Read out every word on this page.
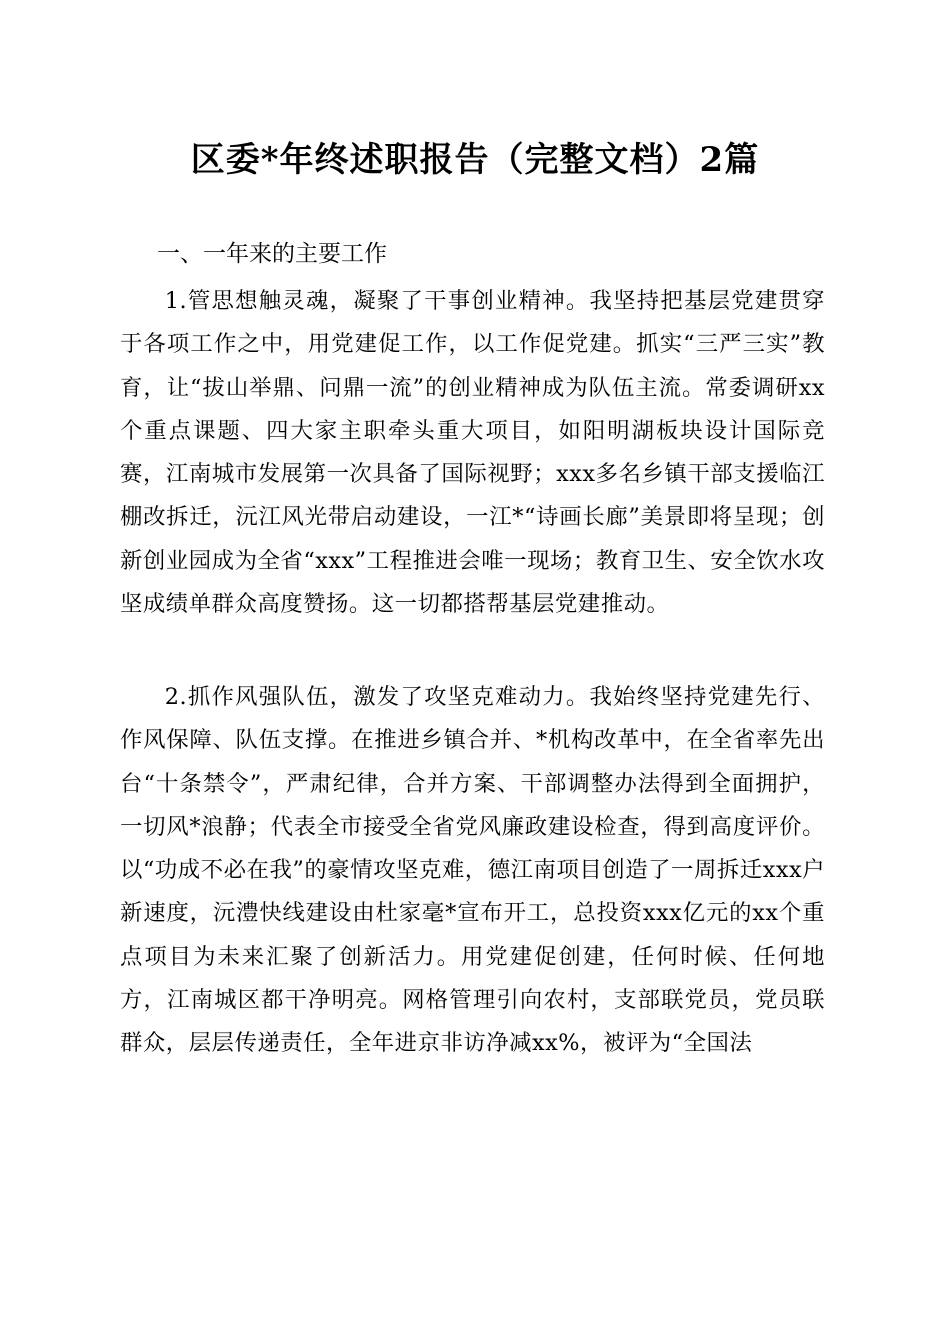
区委*年终述职报告（完整文档）2篇
一、一年来的主要工作

1.管思想触灵魂，凝聚了干事创业精神。我坚持把基层党建贯穿于各项工作之中，用党建促工作，以工作促党建。抓实“三严三实”教育，让“拔山举鼎、问鼎一流”的创业精神成为队伍主流。常委调研xx个重点课题、四大家主职牵头重大项目，如阳明湖板块设计国际竞赛，江南城市发展第一次具备了国际视野；xxx多名乡镇干部支援临江棚改拆迁，沅江风光带启动建设，一江*“诗画长廊”美景即将呈现；创新创业园成为全省“xxx”工程推进会唯一现场；教育卫生、安全饮水攻坚成绩单群众高度赞扬。这一切都搭帮基层党建推动。

2.抓作风强队伍，激发了攻坚克难动力。我始终坚持党建先行、作风保障、队伍支撑。在推进乡镇合并、*机构改革中，在全省率先出台“十条禁令”，严肃纪律，合并方案、干部调整办法得到全面拥护，一切风*浪静；代表全市接受全省党风廉政建设检查，得到高度评价。以“功成不必在我”的豪情攻坚克难，德江南项目创造了一周拆迁xxx户新速度，沅澧快线建设由杜家毫*宣布开工，总投资xxx亿元的xx个重点项目为未来汇聚了创新活力。用党建促创建，任何时候、任何地方，江南城区都干净明亮。网格管理引向农村，支部联党员，党员联群众，层层传递责任，全年进京非访净减xx%，被评为“全国法
